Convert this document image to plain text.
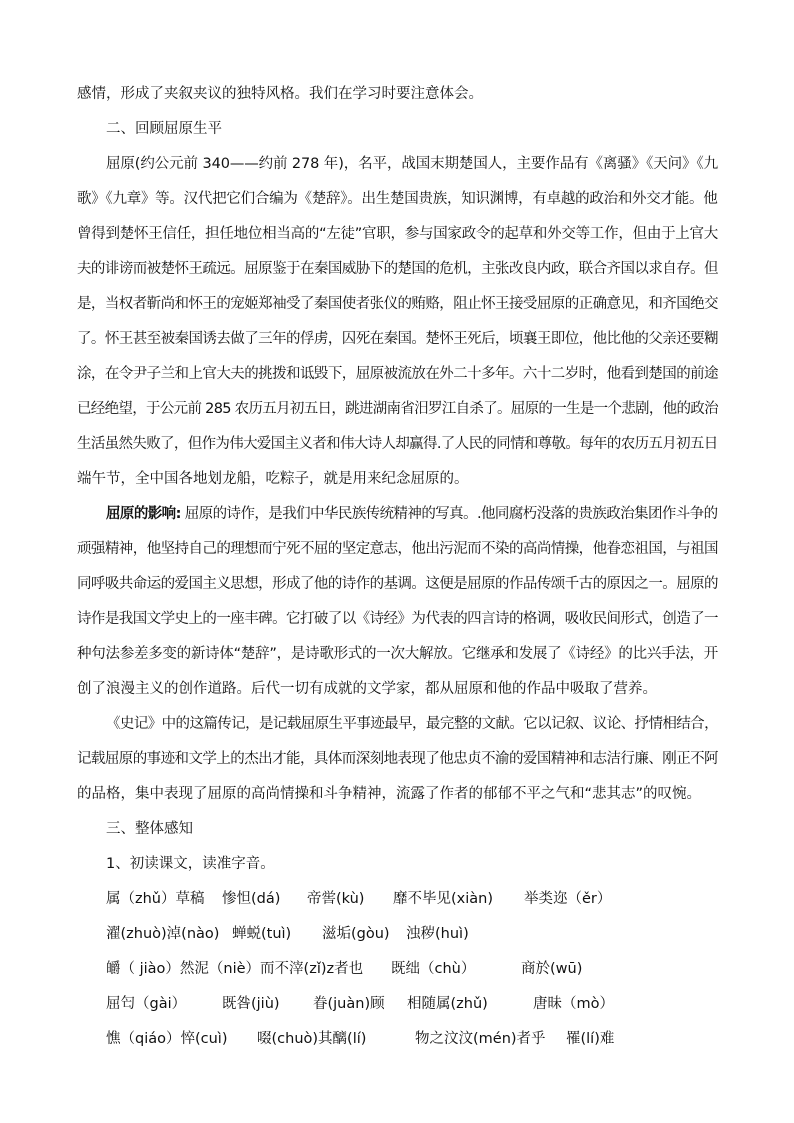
感情，形成了夹叙夹议的独特风格。我们在学习时要注意体会。
二、回顾屈原生平
屈原(约公元前 340——约前 278 年)，名平，战国末期楚国人，主要作品有《离骚》《天问》《九
歌》《九章》等。汉代把它们合编为《楚辞》。出生楚国贵族，知识渊博，有卓越的政治和外交才能。他
曾得到楚怀王信任，担任地位相当高的“左徒”官职，参与国家政令的起草和外交等工作，但由于上官大
夫的诽谤而被楚怀王疏远。屈原鉴于在秦国威胁下的楚国的危机，主张改良内政，联合齐国以求自存。但
是，当权者靳尚和怀王的宠姬郑袖受了秦国使者张仪的贿赂，阻止怀王接受屈原的正确意见，和齐国绝交
了。怀王甚至被秦国诱去做了三年的俘虏，囚死在秦国。楚怀王死后，顷襄王即位，他比他的父亲还要糊
涂，在令尹子兰和上官大夫的挑拨和诋毁下，屈原被流放在外二十多年。六十二岁时，他看到楚国的前途
已经绝望，于公元前 285 农历五月初五日，跳进湖南省汨罗江自杀了。屈原的一生是一个悲剧，他的政治
生活虽然失败了，但作为伟大爱国主义者和伟大诗人却赢得.了人民的同情和尊敬。每年的农历五月初五日
端午节，全中国各地划龙船，吃粽子，就是用来纪念屈原的。
屈原的影响: 屈原的诗作，是我们中华民族传统精神的写真。.他同腐朽没落的贵族政治集团作斗争的
顽强精神，他坚持自己的理想而宁死不屈的坚定意志，他出污泥而不染的高尚情操，他眷恋祖国，与祖国
同呼吸共命运的爱国主义思想，形成了他的诗作的基调。这便是屈原的作品传颂千古的原因之一。屈原的
诗作是我国文学史上的一座丰碑。它打破了以《诗经》为代表的四言诗的格调，吸收民间形式，创造了一
种句法参差多变的新诗体“楚辞”，是诗歌形式的一次大解放。它继承和发展了《诗经》的比兴手法，开
创了浪漫主义的创作道路。后代一切有成就的文学家，都从屈原和他的作品中吸取了营养。
《史记》中的这篇传记，是记载屈原生平事迹最早，最完整的文献。它以记叙、议论、抒情相结合，
记载屈原的事迹和文学上的杰出才能，具体而深刻地表现了他忠贞不渝的爱国精神和志洁行廉、刚正不阿
的品格，集中表现了屈原的高尚情操和斗争精神，流露了作者的郁郁不平之气和“悲其志”的叹惋。
三、整体感知
1、初读课文，读准字音。
属（zhǔ）草稿 惨怛(dá) 帝喾(kù) 靡不毕见(xiàn) 举类迩（ěr）
濯(zhuò)淖(nào) 蝉蜕(tuì) 滋垢(gòu) 浊秽(huì)
皭（ jiào）然泥（niè）而不滓(zǐ)z者也 既绌（chù）	商於(wū)
屈匄（gài） 既咎(jiù) 眷(juàn)顾 相随属(zhǔ)	唐昧（mò）
憔（qiáo）悴(cuì) 啜(chuò)其醨(lí)	物之汶汶(mén)者乎 罹(lí)难
